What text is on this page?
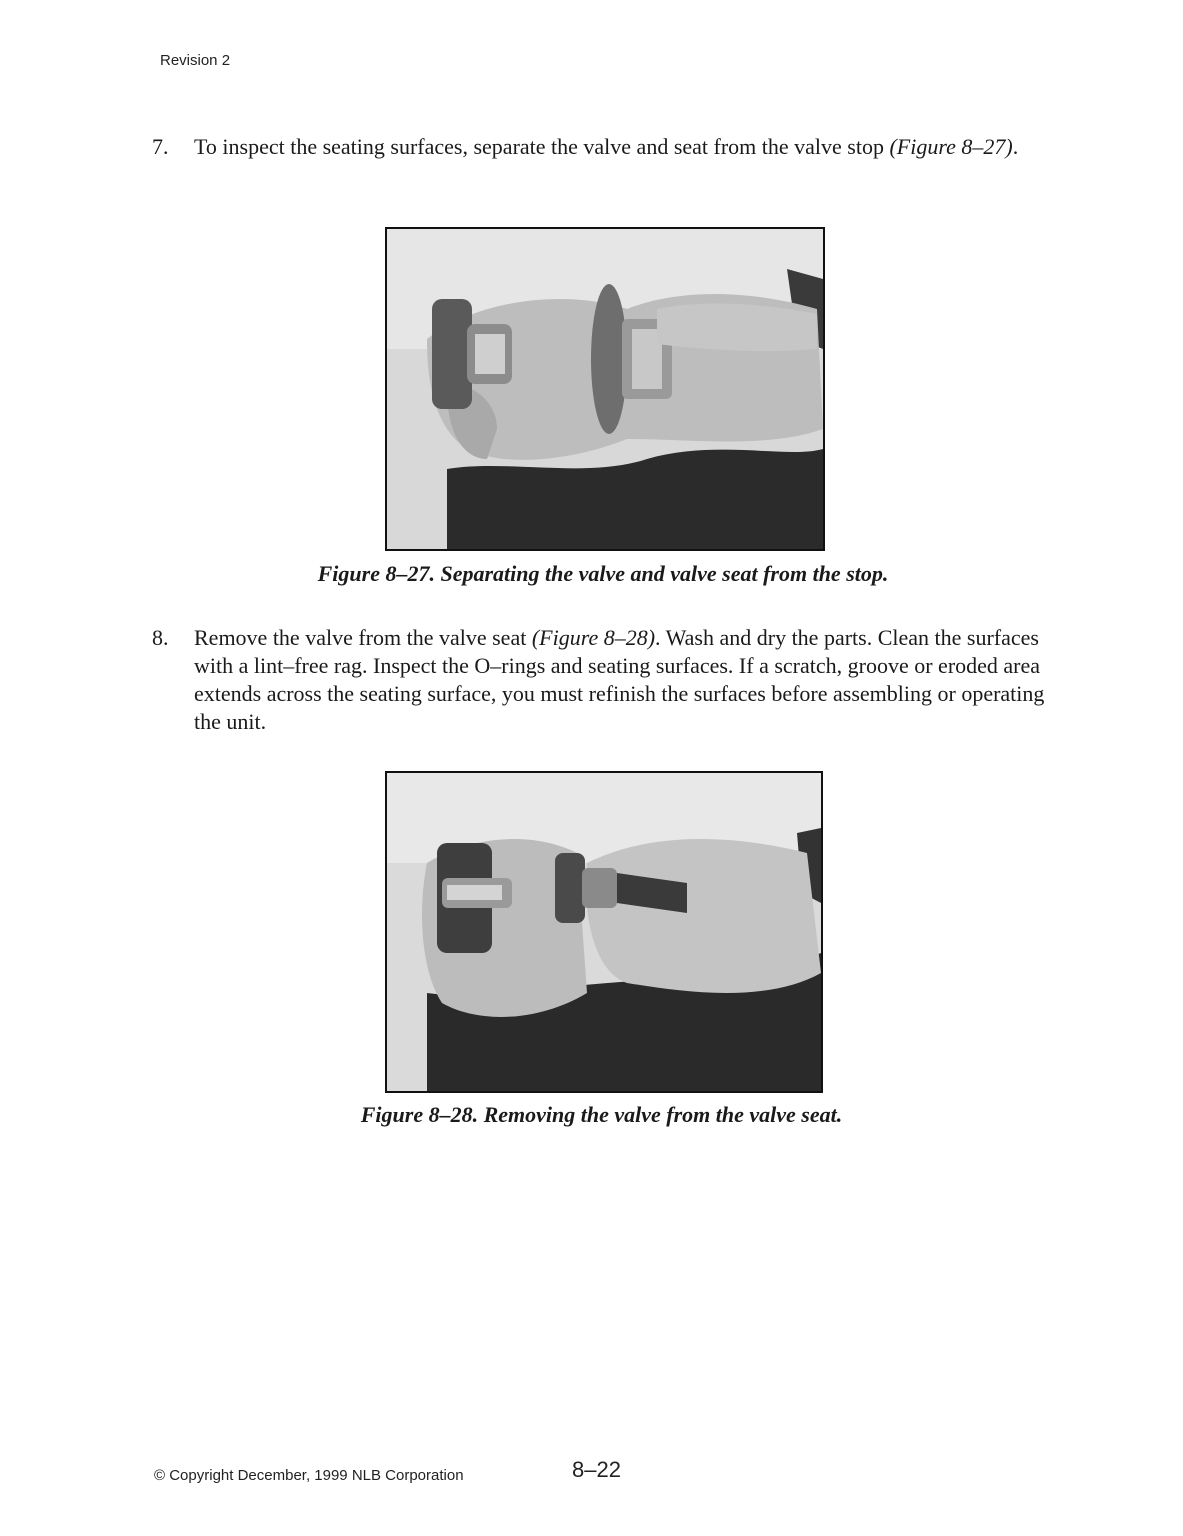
Revision 2
7. To inspect the seating surfaces, separate the valve and seat from the valve stop (Figure 8–27).
Figure 8–27. Separating the valve and valve seat from the stop.
8. Remove the valve from the valve seat (Figure 8–28). Wash and dry the parts. Clean the surfaces with a lint–free rag. Inspect the O–rings and seating surfaces. If a scratch, groove or eroded area extends across the seating surface, you must refinish the surfaces before assembling or operating the unit.
Figure 8–28. Removing the valve from the valve seat.
© Copyright December, 1999 NLB Corporation	8–22
